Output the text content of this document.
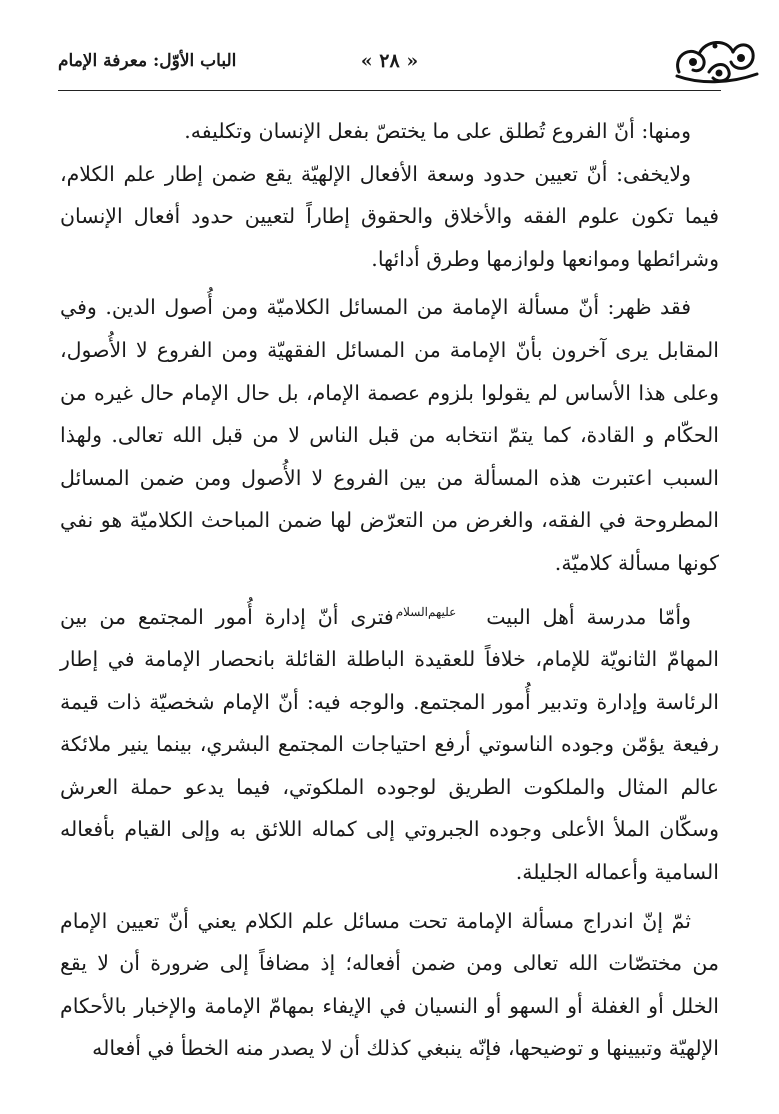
« ٢٨ »
الباب الأوّل: معرفة الإمام

ومنها: أنّ الفروع تُطلق على ما يختصّ بفعل الإنسان وتكليفه.

ولايخفى: أنّ تعيين حدود وسعة الأفعال الإلهيّة يقع ضمن إطار علم الكلام، فيما تكون علوم الفقه والأخلاق والحقوق إطاراً لتعيين حدود أفعال الإنسان وشرائطها وموانعها ولوازمها وطرق أدائها.

فقد ظهر: أنّ مسألة الإمامة من المسائل الكلاميّة ومن أُصول الدين. وفي المقابل يرى آخرون بأنّ الإمامة من المسائل الفقهيّة ومن الفروع لا الأُصول، وعلى هذا الأساس لم يقولوا بلزوم عصمة الإمام، بل حال الإمام حال غيره من الحكّام و القادة، كما يتمّ انتخابه من قبل الناس لا من قبل الله تعالى. ولهذا السبب اعتبرت هذه المسألة من بين الفروع لا الأُصول ومن ضمن المسائل المطروحة في الفقه، والغرض من التعرّض لها ضمن المباحث الكلاميّة هو نفي كونها مسألة كلاميّة.

وأمّا مدرسة أهل البيتعليهم‌السلامفترى أنّ إدارة أُمور المجتمع من بين المهامّ الثانويّة للإمام، خلافاً للعقيدة الباطلة القائلة بانحصار الإمامة في إطار الرئاسة وإدارة وتدبير أُمور المجتمع. والوجه فيه: أنّ الإمام شخصيّة ذات قيمة رفيعة يؤمّن وجوده الناسوتي أرفع احتياجات المجتمع البشري، بينما ينير ملائكة عالم المثال والملكوت الطريق لوجوده الملكوتي، فيما يدعو حملة العرش وسكّان الملأ الأعلى وجوده الجبروتي إلى كماله اللائق به وإلى القيام بأفعاله السامية وأعماله الجليلة.

ثمّ إنّ اندراج مسألة الإمامة تحت مسائل علم الكلام يعني أنّ تعيين الإمام من مختصّات الله تعالى ومن ضمن أفعاله؛ إذ مضافاً إلى ضرورة أن لا يقع الخلل أو الغفلة أو السهو أو النسيان في الإيفاء بمهامّ الإمامة والإخبار بالأحكام الإلهيّة وتبيينها و توضيحها، فإنّه ينبغي كذلك أن لا يصدر منه الخطأ في أفعاله
